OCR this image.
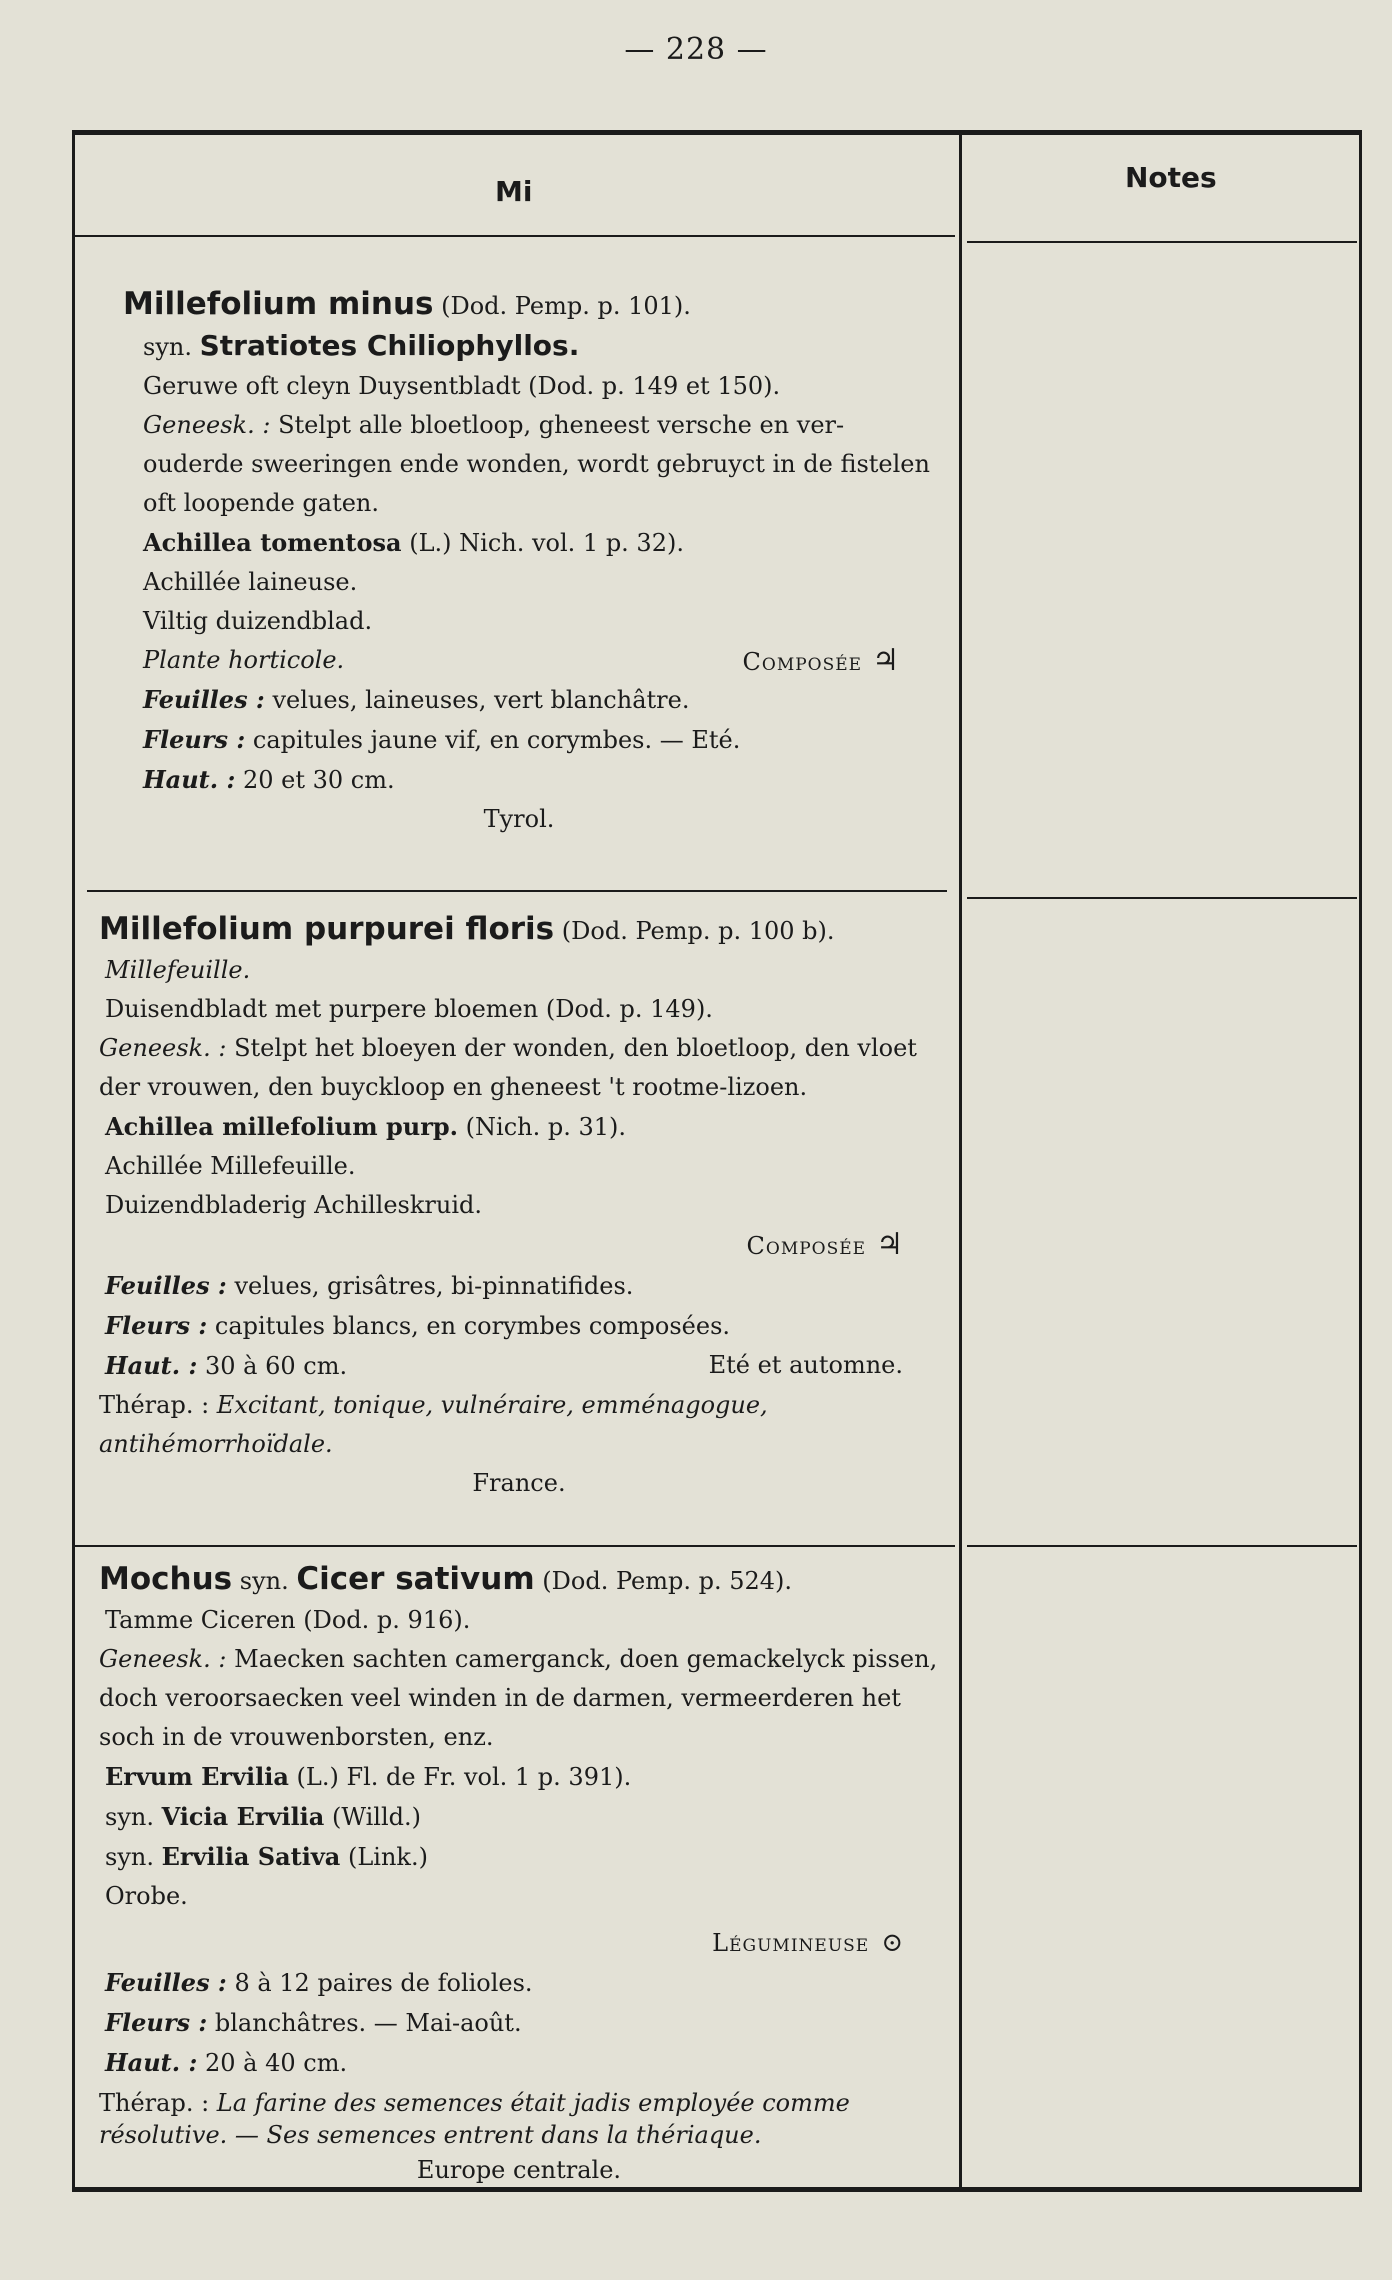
— 228 —
Mi	Notes
Millefolium minus (Dod. Pemp. p. 101).
syn. Stratiotes Chiliophyllos.
Geruwe oft cleyn Duysentbladt (Dod. p. 149 et 150).
Geneesk. : Stelpt alle bloetloop, gheneest versche en ver-ouderde sweeringen ende wonden, wordt gebruyct in de fistelen oft loopende gaten.
Achillea tomentosa (L.) Nich. vol. 1 p. 32).
Achillée laineuse.
Viltig duizendblad.
Plante horticole.	Composée ♃
Feuilles : velues, laineuses, vert blanchâtre.
Fleurs : capitules jaune vif, en corymbes. — Eté.
Haut. : 20 et 30 cm.
Tyrol.
Millefolium purpurei floris (Dod. Pemp. p. 100 b).
Millefeuille.
Duisendbladt met purpere bloemen (Dod. p. 149).
Geneesk. : Stelpt het bloeyen der wonden, den bloetloop, den vloet der vrouwen, den buyckloop en gheneest 't rootme-lizoen.
Achillea millefolium purp. (Nich. p. 31).
Achillée Millefeuille.
Duizendbladerig Achilleskruid.
Composée ♃
Feuilles : velues, grisâtres, bi-pinnatifides.
Fleurs : capitules blancs, en corymbes composées.
Haut. : 30 à 60 cm.	Eté et automne.
Thérap. : Excitant, tonique, vulnéraire, emménagogue, antihémorrhoïdale.
France.
Mochus syn. Cicer sativum (Dod. Pemp. p. 524).
Tamme Ciceren (Dod. p. 916).
Geneesk. : Maecken sachten camerganck, doen gemackelyck pissen, doch veroorsaecken veel winden in de darmen, vermeerderen het soch in de vrouwenborsten, enz.
Ervum Ervilia (L.) Fl. de Fr. vol. 1 p. 391).
syn. Vicia Ervilia (Willd.)
syn. Ervilia Sativa (Link.)
Orobe.
Légumineuse ⊙
Feuilles : 8 à 12 paires de folioles.
Fleurs : blanchâtres. — Mai-août.
Haut. : 20 à 40 cm.
Thérap. : La farine des semences était jadis employée comme résolutive. — Ses semences entrent dans la thériaque.
Europe centrale.
